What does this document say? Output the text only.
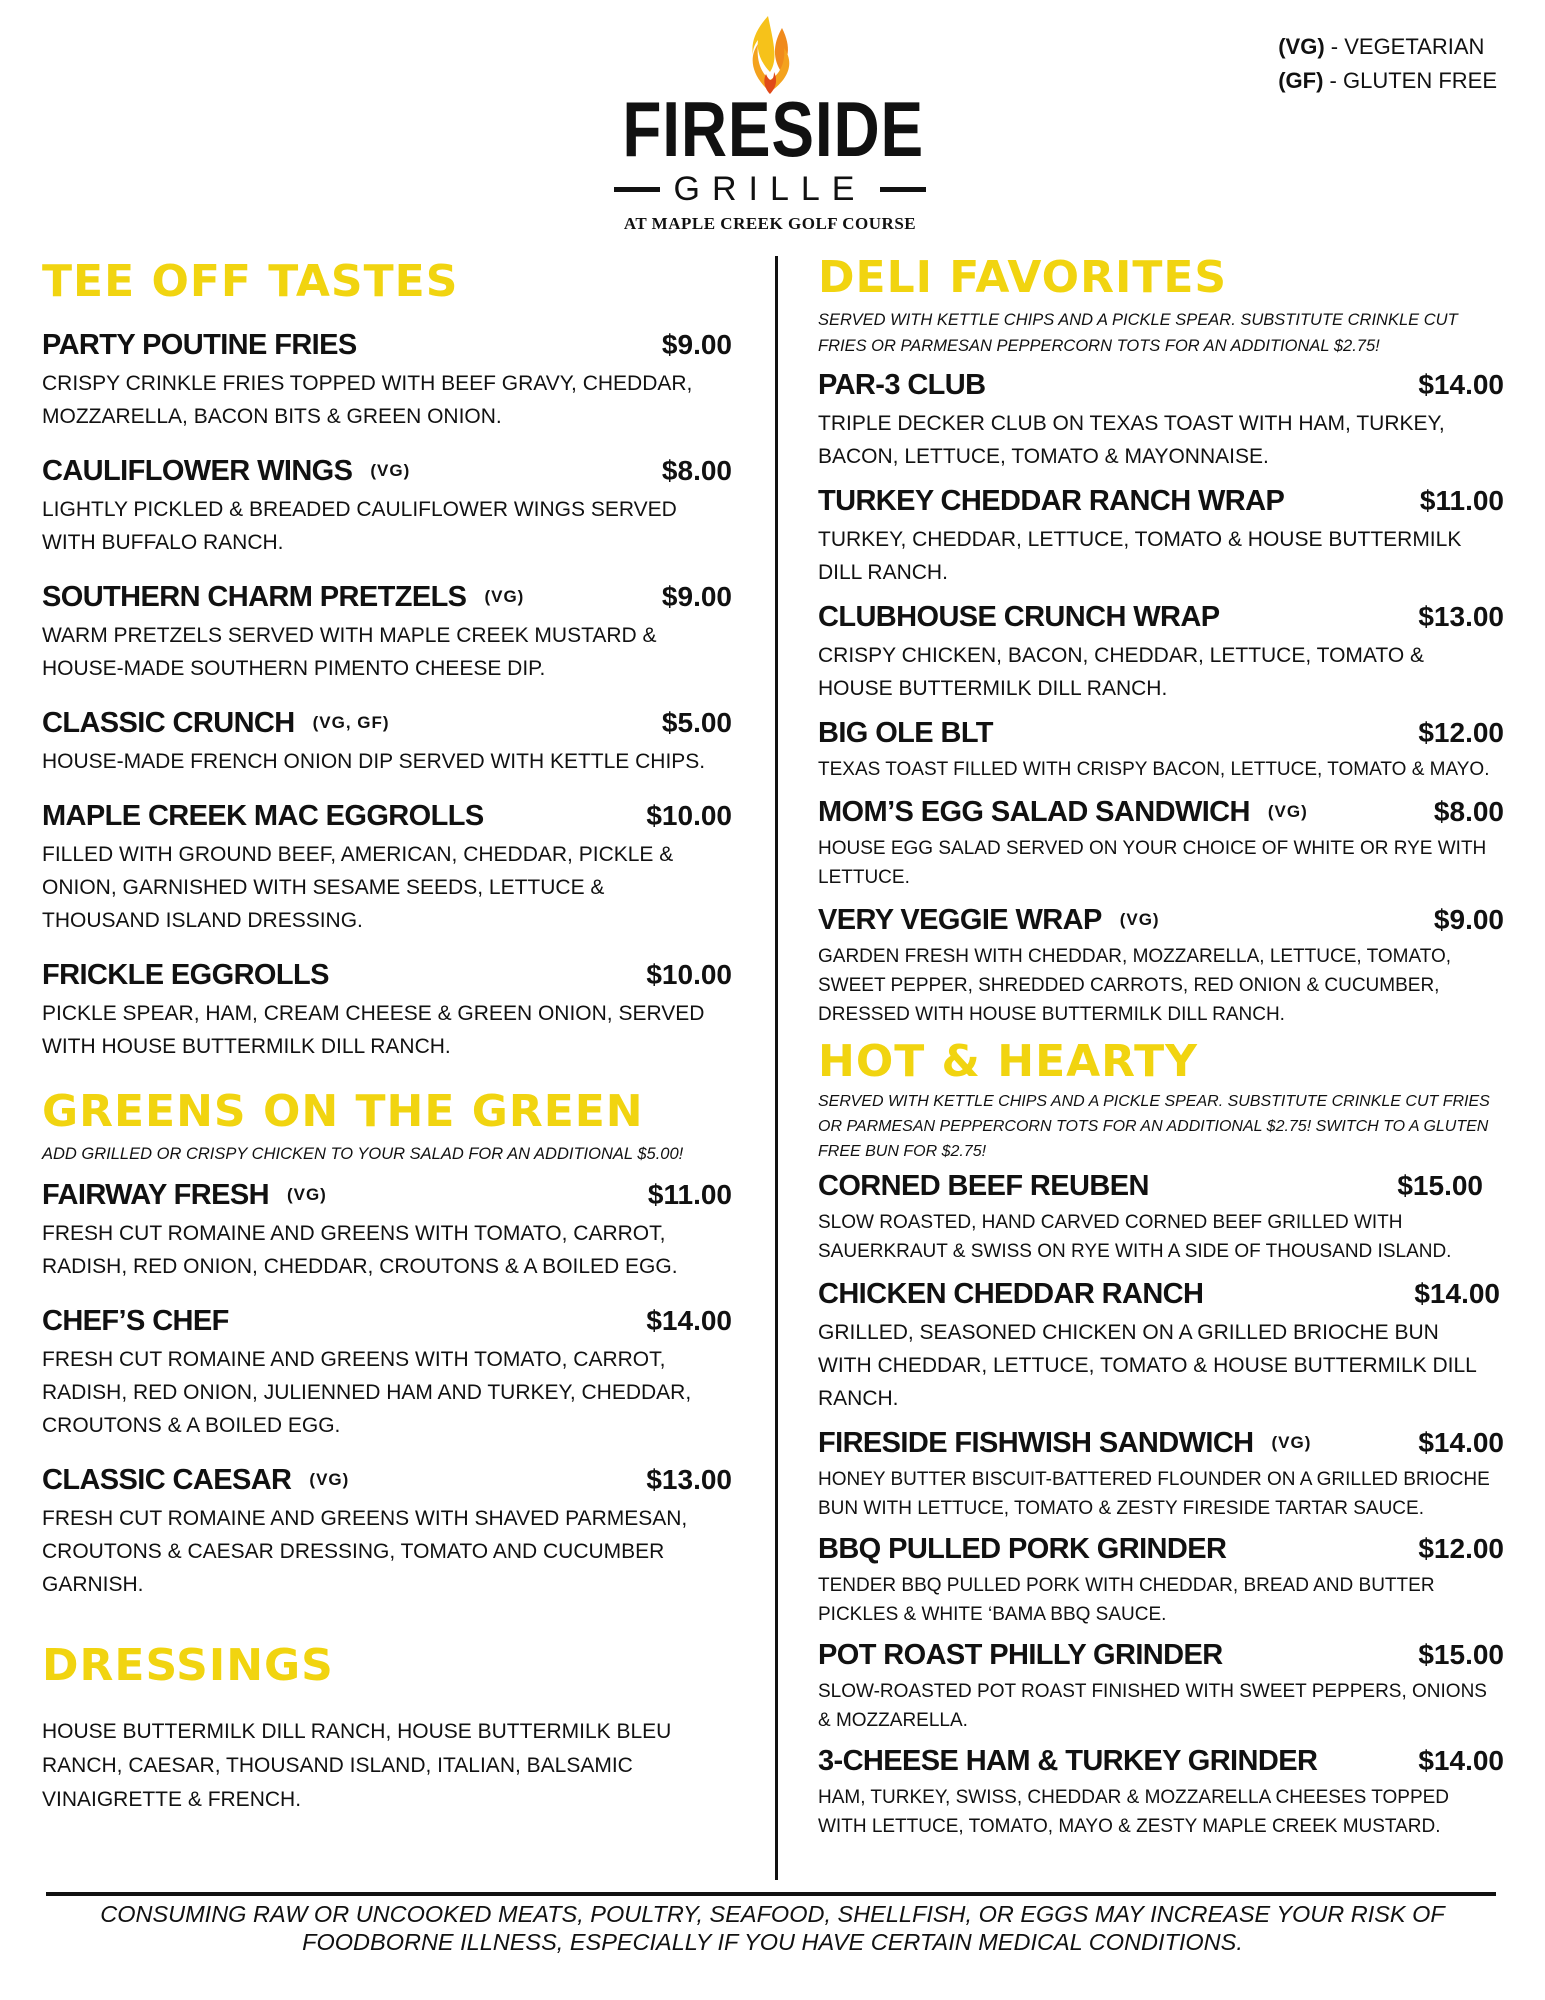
(VG) - VEGETARIAN
(GF) - GLUTEN FREE
FIRESIDE
GRILLE
AT MAPLE CREEK GOLF COURSE
TEE OFF TASTES
PARTY POUTINE FRIES	$9.00
CRISPY CRINKLE FRIES TOPPED WITH BEEF GRAVY, CHEDDAR, MOZZARELLA, BACON BITS & GREEN ONION.
CAULIFLOWER WINGS (VG)	$8.00
LIGHTLY PICKLED & BREADED CAULIFLOWER WINGS SERVED WITH BUFFALO RANCH.
SOUTHERN CHARM PRETZELS (VG)	$9.00
WARM PRETZELS SERVED WITH MAPLE CREEK MUSTARD & HOUSE-MADE SOUTHERN PIMENTO CHEESE DIP.
CLASSIC CRUNCH (VG, GF)	$5.00
HOUSE-MADE FRENCH ONION DIP SERVED WITH KETTLE CHIPS.
MAPLE CREEK MAC EGGROLLS	$10.00
FILLED WITH GROUND BEEF, AMERICAN, CHEDDAR, PICKLE & ONION, GARNISHED WITH SESAME SEEDS, LETTUCE & THOUSAND ISLAND DRESSING.
FRICKLE EGGROLLS	$10.00
PICKLE SPEAR, HAM, CREAM CHEESE & GREEN ONION, SERVED WITH HOUSE BUTTERMILK DILL RANCH.
GREENS ON THE GREEN
ADD GRILLED OR CRISPY CHICKEN TO YOUR SALAD FOR AN ADDITIONAL $5.00!
FAIRWAY FRESH (VG)	$11.00
FRESH CUT ROMAINE AND GREENS WITH TOMATO, CARROT, RADISH, RED ONION, CHEDDAR, CROUTONS & A BOILED EGG.
CHEF’S CHEF	$14.00
FRESH CUT ROMAINE AND GREENS WITH TOMATO, CARROT, RADISH, RED ONION, JULIENNED HAM AND TURKEY, CHEDDAR, CROUTONS & A BOILED EGG.
CLASSIC CAESAR (VG)	$13.00
FRESH CUT ROMAINE AND GREENS WITH SHAVED PARMESAN, CROUTONS & CAESAR DRESSING, TOMATO AND CUCUMBER GARNISH.
DRESSINGS
HOUSE BUTTERMILK DILL RANCH, HOUSE BUTTERMILK BLEU RANCH, CAESAR, THOUSAND ISLAND, ITALIAN, BALSAMIC VINAIGRETTE & FRENCH.
DELI FAVORITES
SERVED WITH KETTLE CHIPS AND A PICKLE SPEAR. SUBSTITUTE CRINKLE CUT FRIES OR PARMESAN PEPPERCORN TOTS FOR AN ADDITIONAL $2.75!
PAR-3 CLUB	$14.00
TRIPLE DECKER CLUB ON TEXAS TOAST WITH HAM, TURKEY, BACON, LETTUCE, TOMATO & MAYONNAISE.
TURKEY CHEDDAR RANCH WRAP	$11.00
TURKEY, CHEDDAR, LETTUCE, TOMATO & HOUSE BUTTERMILK DILL RANCH.
CLUBHOUSE CRUNCH WRAP	$13.00
CRISPY CHICKEN, BACON, CHEDDAR, LETTUCE, TOMATO & HOUSE BUTTERMILK DILL RANCH.
BIG OLE BLT	$12.00
TEXAS TOAST FILLED WITH CRISPY BACON, LETTUCE, TOMATO & MAYO.
MOM’S EGG SALAD SANDWICH (VG)	$8.00
HOUSE EGG SALAD SERVED ON YOUR CHOICE OF WHITE OR RYE WITH LETTUCE.
VERY VEGGIE WRAP (VG)	$9.00
GARDEN FRESH WITH CHEDDAR, MOZZARELLA, LETTUCE, TOMATO, SWEET PEPPER, SHREDDED CARROTS, RED ONION & CUCUMBER, DRESSED WITH HOUSE BUTTERMILK DILL RANCH.
HOT & HEARTY
SERVED WITH KETTLE CHIPS AND A PICKLE SPEAR. SUBSTITUTE CRINKLE CUT FRIES OR PARMESAN PEPPERCORN TOTS FOR AN ADDITIONAL $2.75! SWITCH TO A GLUTEN FREE BUN FOR $2.75!
CORNED BEEF REUBEN	$15.00
SLOW ROASTED, HAND CARVED CORNED BEEF GRILLED WITH SAUERKRAUT & SWISS ON RYE WITH A SIDE OF THOUSAND ISLAND.
CHICKEN CHEDDAR RANCH	$14.00
GRILLED, SEASONED CHICKEN ON A GRILLED BRIOCHE BUN WITH CHEDDAR, LETTUCE, TOMATO & HOUSE BUTTERMILK DILL RANCH.
FIRESIDE FISHWISH SANDWICH (VG)	$14.00
HONEY BUTTER BISCUIT-BATTERED FLOUNDER ON A GRILLED BRIOCHE BUN WITH LETTUCE, TOMATO & ZESTY FIRESIDE TARTAR SAUCE.
BBQ PULLED PORK GRINDER	$12.00
TENDER BBQ PULLED PORK WITH CHEDDAR, BREAD AND BUTTER PICKLES & WHITE ‘BAMA BBQ SAUCE.
POT ROAST PHILLY GRINDER	$15.00
SLOW-ROASTED POT ROAST FINISHED WITH SWEET PEPPERS, ONIONS & MOZZARELLA.
3-CHEESE HAM & TURKEY GRINDER	$14.00
HAM, TURKEY, SWISS, CHEDDAR & MOZZARELLA CHEESES TOPPED WITH LETTUCE, TOMATO, MAYO & ZESTY MAPLE CREEK MUSTARD.
CONSUMING RAW OR UNCOOKED MEATS, POULTRY, SEAFOOD, SHELLFISH, OR EGGS MAY INCREASE YOUR RISK OF FOODBORNE ILLNESS, ESPECIALLY IF YOU HAVE CERTAIN MEDICAL CONDITIONS.
